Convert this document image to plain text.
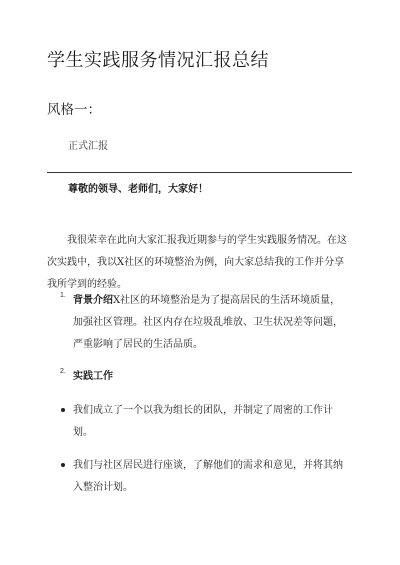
学生实践服务情况汇报总结
风格一：
正式汇报
尊敬的领导、老师们，大家好！

我很荣幸在此向大家汇报我近期参与的学生实践服务情况。在这次实践中，我以X社区的环境整治为例，向大家总结我的工作并分享我所学到的经验。

1. 背景介绍X社区的环境整治是为了提高居民的生活环境质量，加强社区管理。社区内存在垃圾乱堆放、卫生状况差等问题，严重影响了居民的生活品质。
2. 实践工作
我们成立了一个以我为组长的团队，并制定了周密的工作计划。
我们与社区居民进行座谈，了解他们的需求和意见，并将其纳入整治计划。
